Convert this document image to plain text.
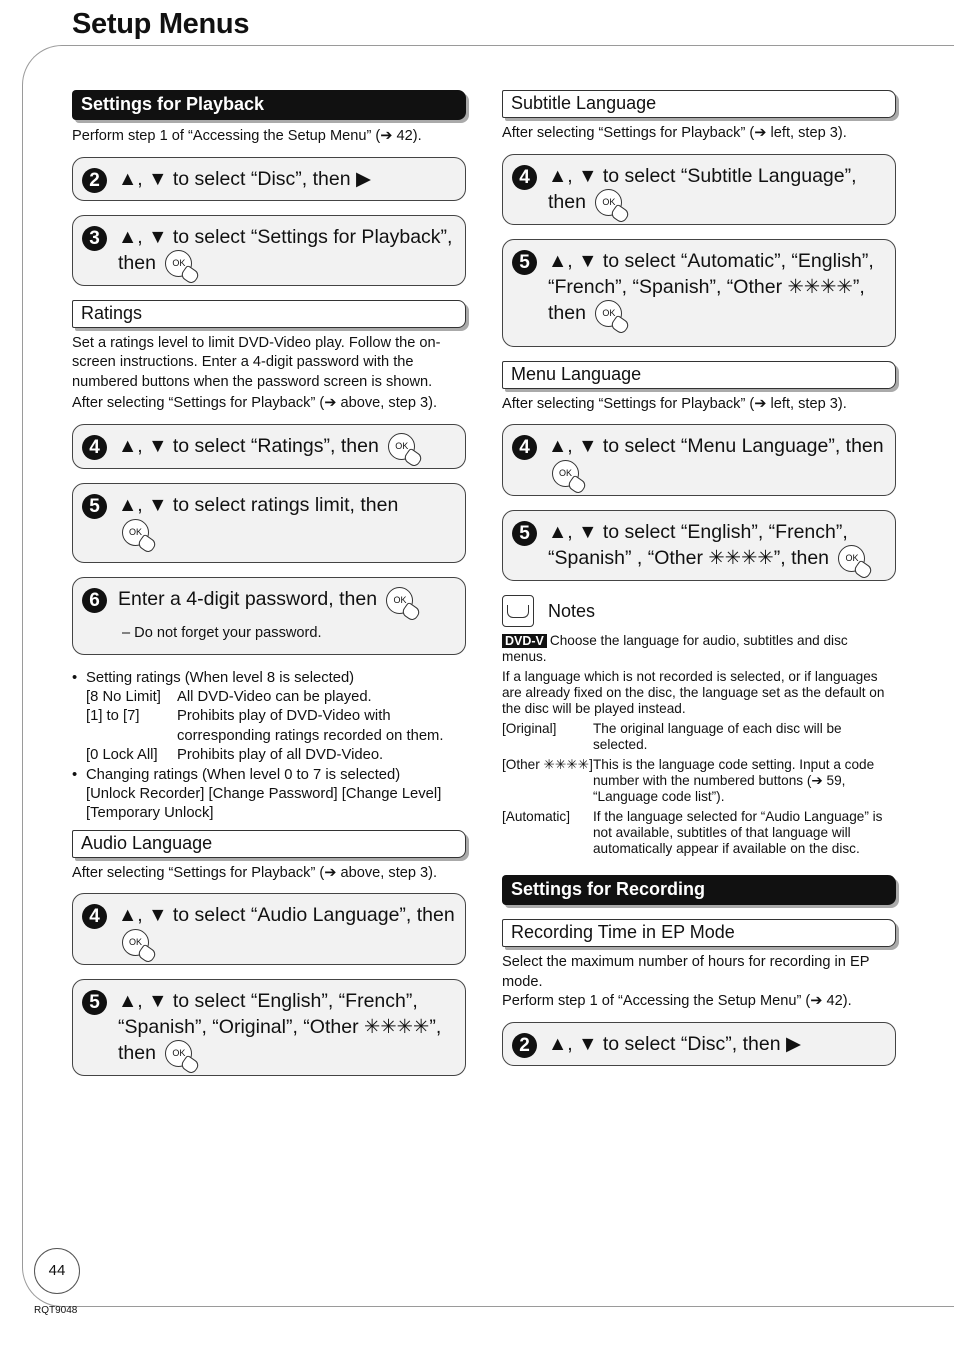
Setup Menus
Settings for Playback

Perform step 1 of “Accessing the Setup Menu” (➔ 42).

2 ▲, ▼ to select “Disc”, then ▶
3 ▲, ▼ to select “Settings for Playback”, then OK
Ratings

Set a ratings level to limit DVD-Video play. Follow the on-screen instructions. Enter a 4-digit password with the numbered buttons when the password screen is shown.

After selecting “Settings for Playback” (➔ above, step 3).

4 ▲, ▼ to select “Ratings”, then OK
5 ▲, ▼ to select ratings limit, then
OK
6 Enter a 4-digit password, then OK
– Do not forget your password.
• Setting ratings (When level 8 is selected)
[8 No Limit]	All DVD-Video can be played.
[1] to [7]	Prohibits play of DVD-Video with corresponding ratings recorded on them.
[0 Lock All]	Prohibits play of all DVD-Video.
• Changing ratings (When level 0 to 7 is selected)
[Unlock Recorder] [Change Password] [Change Level] [Temporary Unlock]
Audio Language

After selecting “Settings for Playback” (➔ above, step 3).

4 ▲, ▼ to select “Audio Language”, then OK
5 ▲, ▼ to select “English”, “French”, “Spanish”, “Original”, “Other ✳✳✳✳”, then OK
Subtitle Language

After selecting “Settings for Playback” (➔ left, step 3).

4 ▲, ▼ to select “Subtitle Language”, then OK
5 ▲, ▼ to select “Automatic”, “English”, “French”, “Spanish”, “Other ✳✳✳✳”, then OK
Menu Language

After selecting “Settings for Playback” (➔ left, step 3).

4 ▲, ▼ to select “Menu Language”, then OK
5 ▲, ▼ to select “English”, “French”, “Spanish” , “Other ✳✳✳✳”, then OK
Notes
DVD-V Choose the language for audio, subtitles and disc menus.
If a language which is not recorded is selected, or if languages are already fixed on the disc, the language set as the default on the disc will be played instead.
[Original]	The original language of each disc will be selected.
[Other ✳✳✳✳] This is the language code setting. Input a code number with the numbered buttons (➔ 59, “Language code list”).
[Automatic]	If the language selected for “Audio Language” is not available, subtitles of that language will automatically appear if available on the disc.
Settings for Recording
Recording Time in EP Mode

Select the maximum number of hours for recording in EP mode.

Perform step 1 of “Accessing the Setup Menu” (➔ 42).

2 ▲, ▼ to select “Disc”, then ▶
44
RQT9048
